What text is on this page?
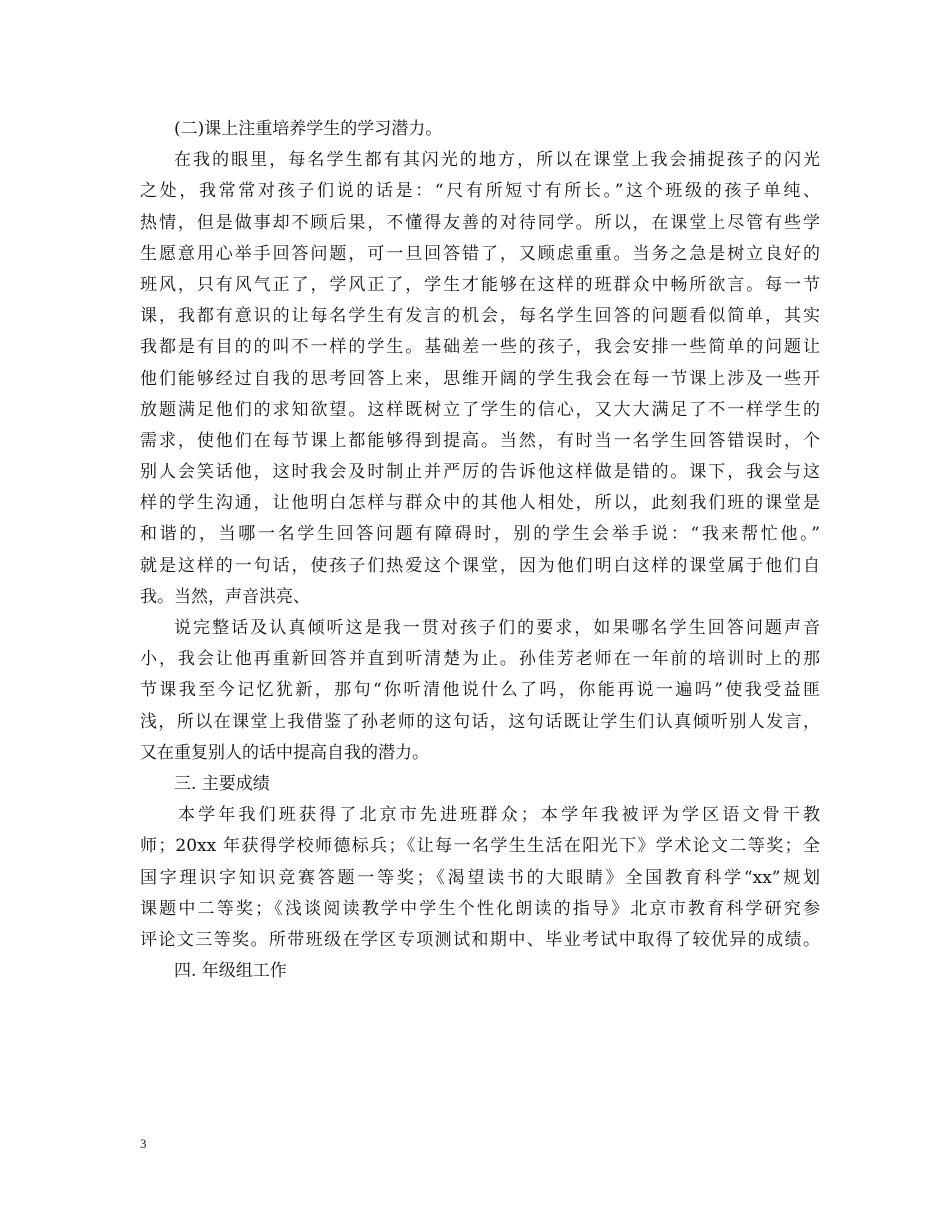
(二)课上注重培养学生的学习潜力。
在我的眼里，每名学生都有其闪光的地方，所以在课堂上我会捕捉孩子的闪光
之处，我常常对孩子们说的话是：“尺有所短寸有所长。”这个班级的孩子单纯、
热情，但是做事却不顾后果，不懂得友善的对待同学。所以，在课堂上尽管有些学
生愿意用心举手回答问题，可一旦回答错了，又顾虑重重。当务之急是树立良好的
班风，只有风气正了，学风正了，学生才能够在这样的班群众中畅所欲言。每一节
课，我都有意识的让每名学生有发言的机会，每名学生回答的问题看似简单，其实
我都是有目的的叫不一样的学生。基础差一些的孩子，我会安排一些简单的问题让
他们能够经过自我的思考回答上来，思维开阔的学生我会在每一节课上涉及一些开
放题满足他们的求知欲望。这样既树立了学生的信心，又大大满足了不一样学生的
需求，使他们在每节课上都能够得到提高。当然，有时当一名学生回答错误时，个
别人会笑话他，这时我会及时制止并严厉的告诉他这样做是错的。课下，我会与这
样的学生沟通，让他明白怎样与群众中的其他人相处，所以，此刻我们班的课堂是
和谐的，当哪一名学生回答问题有障碍时，别的学生会举手说：“我来帮忙他。”
就是这样的一句话，使孩子们热爱这个课堂，因为他们明白这样的课堂属于他们自
我。当然，声音洪亮、
说完整话及认真倾听这是我一贯对孩子们的要求，如果哪名学生回答问题声音
小，我会让他再重新回答并直到听清楚为止。孙佳芳老师在一年前的培训时上的那
节课我至今记忆犹新，那句“你听清他说什么了吗，你能再说一遍吗”使我受益匪
浅，所以在课堂上我借鉴了孙老师的这句话，这句话既让学生们认真倾听别人发言，
又在重复别人的话中提高自我的潜力。
三. 主要成绩
本学年我们班获得了北京市先进班群众；本学年我被评为学区语文骨干教
师；20xx 年获得学校师德标兵；《让每一名学生生活在阳光下》学术论文二等奖；全
国字理识字知识竞赛答题一等奖；《渴望读书的大眼睛》全国教育科学“xx”规划
课题中二等奖；《浅谈阅读教学中学生个性化朗读的指导》北京市教育科学研究参
评论文三等奖。所带班级在学区专项测试和期中、毕业考试中取得了较优异的成绩。
四. 年级组工作
3
